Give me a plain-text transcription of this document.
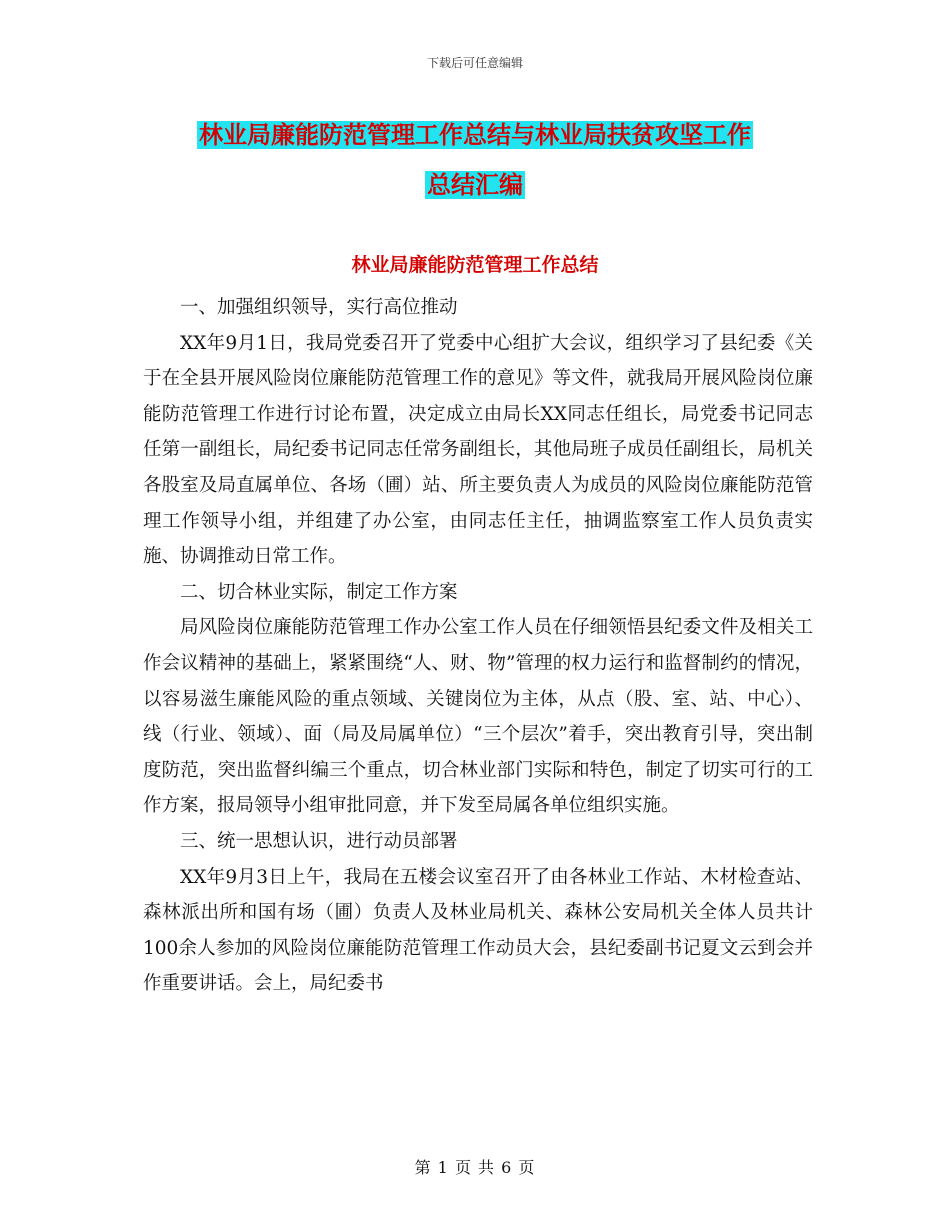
下载后可任意编辑
林业局廉能防范管理工作总结与林业局扶贫攻坚工作
总结汇编
林业局廉能防范管理工作总结

一、加强组织领导，实行高位推动

XX年9月1日，我局党委召开了党委中心组扩大会议，组织学习了县纪委《关于在全县开展风险岗位廉能防范管理工作的意见》等文件，就我局开展风险岗位廉能防范管理工作进行讨论布置，决定成立由局长XX同志任组长，局党委书记同志任第一副组长，局纪委书记同志任常务副组长，其他局班子成员任副组长，局机关各股室及局直属单位、各场（圃）站、所主要负责人为成员的风险岗位廉能防范管理工作领导小组，并组建了办公室，由同志任主任，抽调监察室工作人员负责实施、协调推动日常工作。

二、切合林业实际，制定工作方案

局风险岗位廉能防范管理工作办公室工作人员在仔细领悟县纪委文件及相关工作会议精神的基础上，紧紧围绕“人、财、物”管理的权力运行和监督制约的情况，以容易滋生廉能风险的重点领域、关键岗位为主体，从点（股、室、站、中心）、线（行业、领域）、面（局及局属单位）“三个层次”着手，突出教育引导，突出制度防范，突出监督纠编三个重点，切合林业部门实际和特色，制定了切实可行的工作方案，报局领导小组审批同意，并下发至局属各单位组织实施。

三、统一思想认识，进行动员部署

XX年9月3日上午，我局在五楼会议室召开了由各林业工作站、木材检查站、森林派出所和国有场（圃）负责人及林业局机关、森林公安局机关全体人员共计100余人参加的风险岗位廉能防范管理工作动员大会，县纪委副书记夏文云到会并作重要讲话。会上，局纪委书

第 1 页 共 6 页
